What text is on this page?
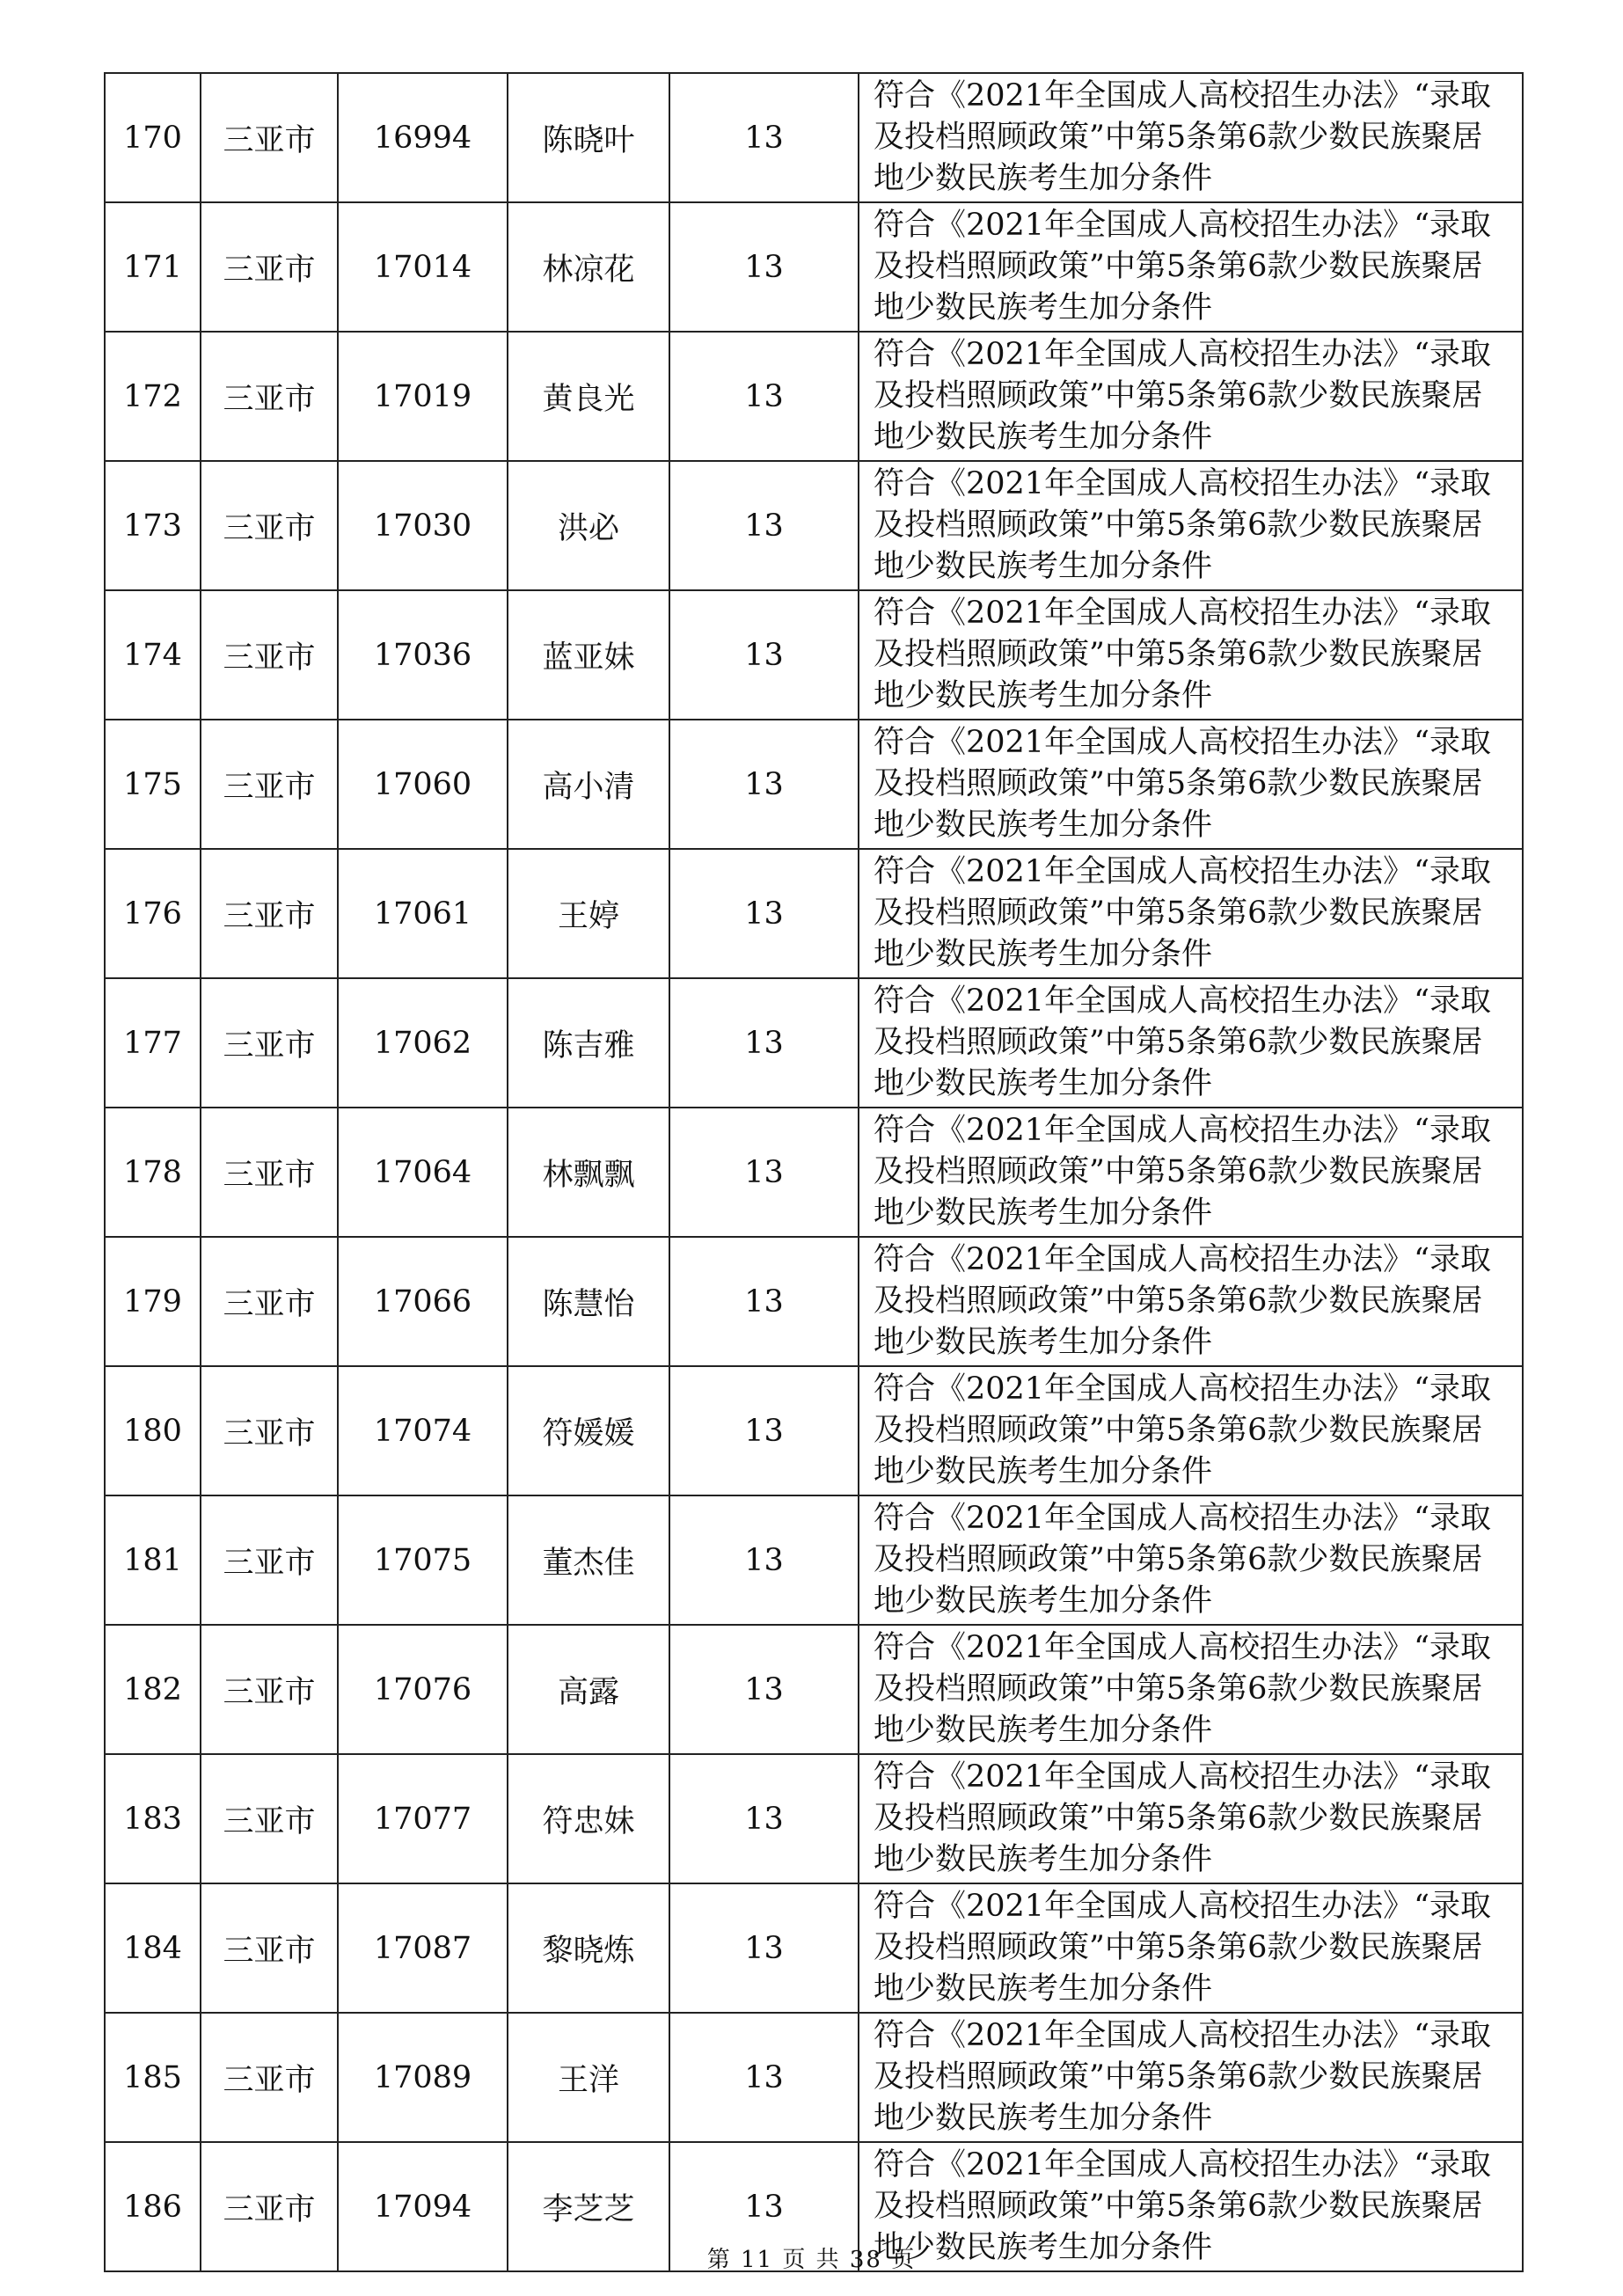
170	三亚市	16994	陈晓叶	13	符合《2021年全国成人高校招生办法》“录取及投档照顾政策”中第5条第6款少数民族聚居地少数民族考生加分条件
171	三亚市	17014	林凉花	13	符合《2021年全国成人高校招生办法》“录取及投档照顾政策”中第5条第6款少数民族聚居地少数民族考生加分条件
172	三亚市	17019	黄良光	13	符合《2021年全国成人高校招生办法》“录取及投档照顾政策”中第5条第6款少数民族聚居地少数民族考生加分条件
173	三亚市	17030	洪必	13	符合《2021年全国成人高校招生办法》“录取及投档照顾政策”中第5条第6款少数民族聚居地少数民族考生加分条件
174	三亚市	17036	蓝亚妹	13	符合《2021年全国成人高校招生办法》“录取及投档照顾政策”中第5条第6款少数民族聚居地少数民族考生加分条件
175	三亚市	17060	高小清	13	符合《2021年全国成人高校招生办法》“录取及投档照顾政策”中第5条第6款少数民族聚居地少数民族考生加分条件
176	三亚市	17061	王婷	13	符合《2021年全国成人高校招生办法》“录取及投档照顾政策”中第5条第6款少数民族聚居地少数民族考生加分条件
177	三亚市	17062	陈吉雅	13	符合《2021年全国成人高校招生办法》“录取及投档照顾政策”中第5条第6款少数民族聚居地少数民族考生加分条件
178	三亚市	17064	林飘飘	13	符合《2021年全国成人高校招生办法》“录取及投档照顾政策”中第5条第6款少数民族聚居地少数民族考生加分条件
179	三亚市	17066	陈慧怡	13	符合《2021年全国成人高校招生办法》“录取及投档照顾政策”中第5条第6款少数民族聚居地少数民族考生加分条件
180	三亚市	17074	符媛媛	13	符合《2021年全国成人高校招生办法》“录取及投档照顾政策”中第5条第6款少数民族聚居地少数民族考生加分条件
181	三亚市	17075	董杰佳	13	符合《2021年全国成人高校招生办法》“录取及投档照顾政策”中第5条第6款少数民族聚居地少数民族考生加分条件
182	三亚市	17076	高露	13	符合《2021年全国成人高校招生办法》“录取及投档照顾政策”中第5条第6款少数民族聚居地少数民族考生加分条件
183	三亚市	17077	符忠妹	13	符合《2021年全国成人高校招生办法》“录取及投档照顾政策”中第5条第6款少数民族聚居地少数民族考生加分条件
184	三亚市	17087	黎晓炼	13	符合《2021年全国成人高校招生办法》“录取及投档照顾政策”中第5条第6款少数民族聚居地少数民族考生加分条件
185	三亚市	17089	王洋	13	符合《2021年全国成人高校招生办法》“录取及投档照顾政策”中第5条第6款少数民族聚居地少数民族考生加分条件
186	三亚市	17094	李芝芝	13	符合《2021年全国成人高校招生办法》“录取及投档照顾政策”中第5条第6款少数民族聚居地少数民族考生加分条件
第 11 页 共 38 页
